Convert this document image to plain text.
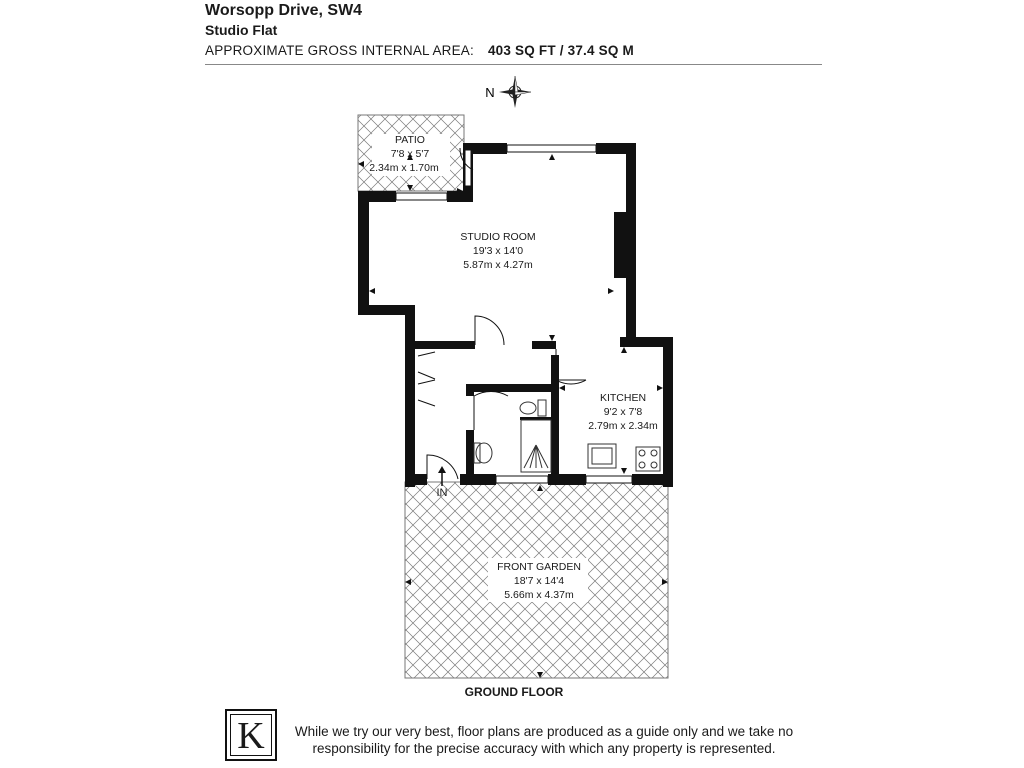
Worsopp Drive, SW4
Studio Flat
APPROXIMATE GROSS INTERNAL AREA: 403 SQ FT / 37.4 SQ M
N
PATIO
7'8 x 5'7
2.34m x 1.70m
STUDIO ROOM
19'3 x 14'0
5.87m x 4.27m
KITCHEN
9'2 x 7'8
2.79m x 2.34m
FRONT GARDEN
18'7 x 14'4
5.66m x 4.37m
IN
GROUND FLOOR
K	While we try our very best, floor plans are produced as a guide only and we take no responsibility for the precise accuracy with which any property is represented.
